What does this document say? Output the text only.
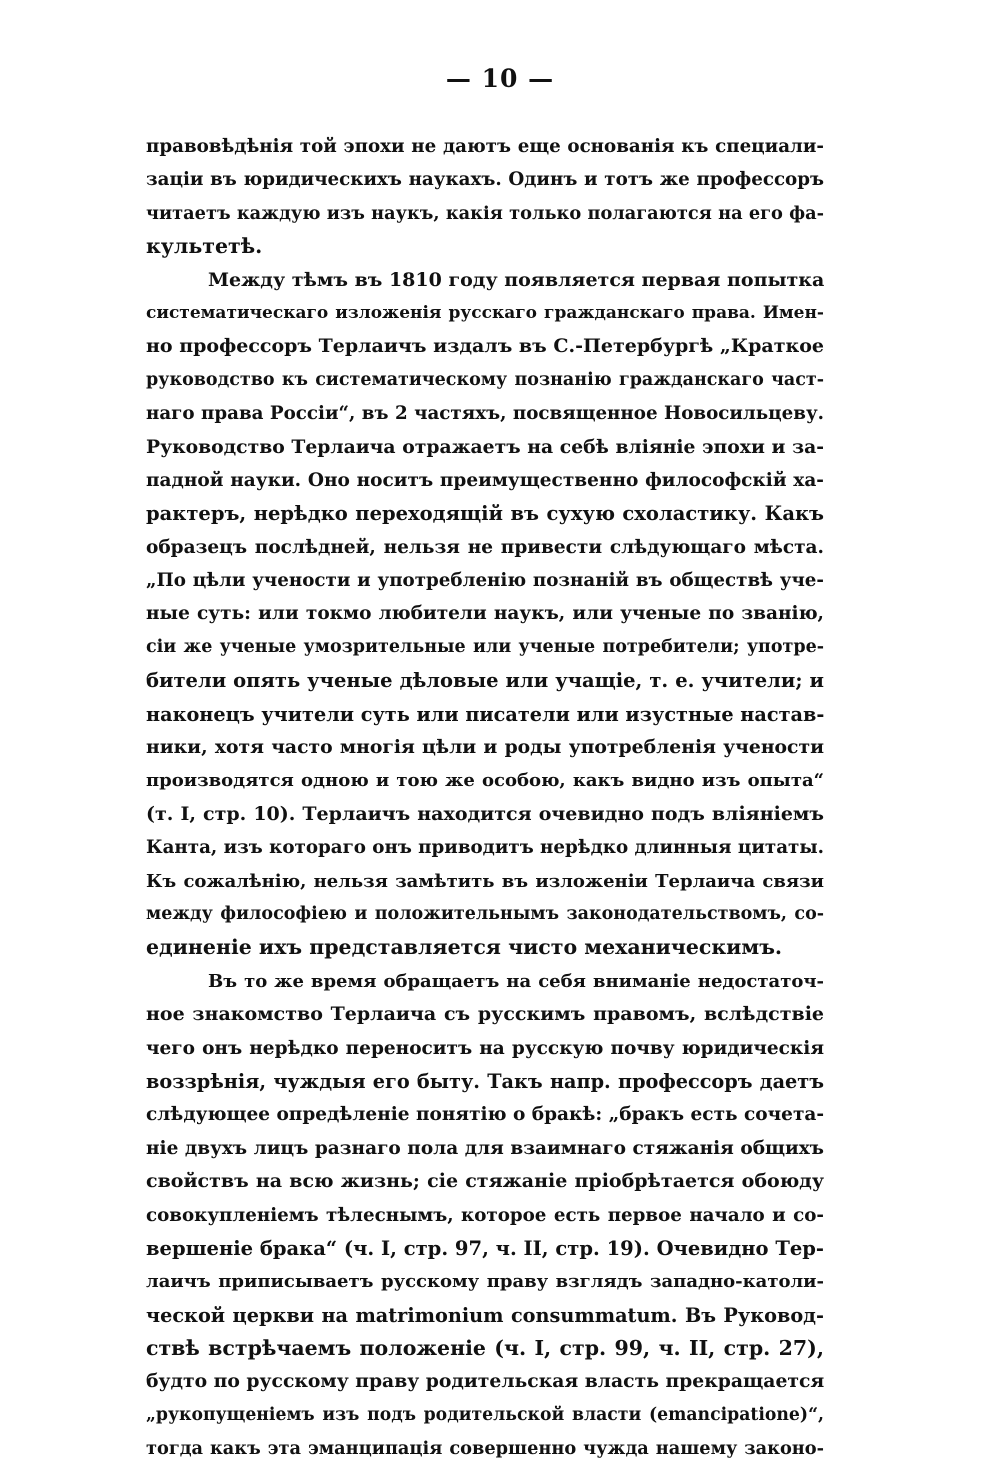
— 10 —
правовѣдѣнія той эпохи не даютъ еще основанія къ специали-
заціи въ юридическихъ наукахъ. Одинъ и тотъ же профессоръ
читаетъ каждую изъ наукъ, какія только полагаются на его фа-
культетѣ.
Между тѣмъ въ 1810 году появляется первая попытка
систематическаго изложенія русскаго гражданскаго права. Имен-
но профессоръ Терлаичъ издалъ въ С.-Петербургѣ „Краткое
руководство къ систематическому познанію гражданскаго част-
наго права Россіи“, въ 2 частяхъ, посвященное Новосильцеву.
Руководство Терлаича отражаетъ на себѣ вліяніе эпохи и за-
падной науки. Оно носитъ преимущественно философскій ха-
рактеръ, нерѣдко переходящій въ сухую схоластику. Какъ
образецъ послѣдней, нельзя не привести слѣдующаго мѣста.
„По цѣли учености и употребленію познаній въ обществѣ уче-
ные суть: или токмо любители наукъ, или ученые по званію,
сіи же ученые умозрительные или ученые потребители; употре-
бители опять ученые дѣловые или учащіе, т. е. учители; и
наконецъ учители суть или писатели или изустные настав-
ники, хотя часто многія цѣли и роды употребленія учености
производятся одною и тою же особою, какъ видно изъ опыта“
(т. I, стр. 10). Терлаичъ находится очевидно подъ вліяніемъ
Канта, изъ котораго онъ приводитъ нерѣдко длинныя цитаты.
Къ сожалѣнію, нельзя замѣтить въ изложеніи Терлаича связи
между философіею и положительнымъ законодательствомъ, со-
единеніе ихъ представляется чисто механическимъ.
Въ то же время обращаетъ на себя вниманіе недостаточ-
ное знакомство Терлаича съ русскимъ правомъ, вслѣдствіе
чего онъ нерѣдко переноситъ на русскую почву юридическія
воззрѣнія, чуждыя его быту. Такъ напр. профессоръ даетъ
слѣдующее опредѣленіе понятію о бракѣ: „бракъ есть сочета-
ніе двухъ лицъ разнаго пола для взаимнаго стяжанія общихъ
свойствъ на всю жизнь; сіе стяжаніе пріобрѣтается обоюду
совокупленіемъ тѣлеснымъ, которое есть первое начало и со-
вершеніе брака“ (ч. I, стр. 97, ч. II, стр. 19). Очевидно Тер-
лаичъ приписываетъ русскому праву взглядъ западно-католи-
ческой церкви на matrimonium consummatum. Въ Руковод-
ствѣ встрѣчаемъ положеніе (ч. I, стр. 99, ч. II, стр. 27),
будто по русскому праву родительская власть прекращается
„рукопущеніемъ изъ подъ родительской власти (emancipatione)“,
тогда какъ эта эманципація совершенно чужда нашему законо-
